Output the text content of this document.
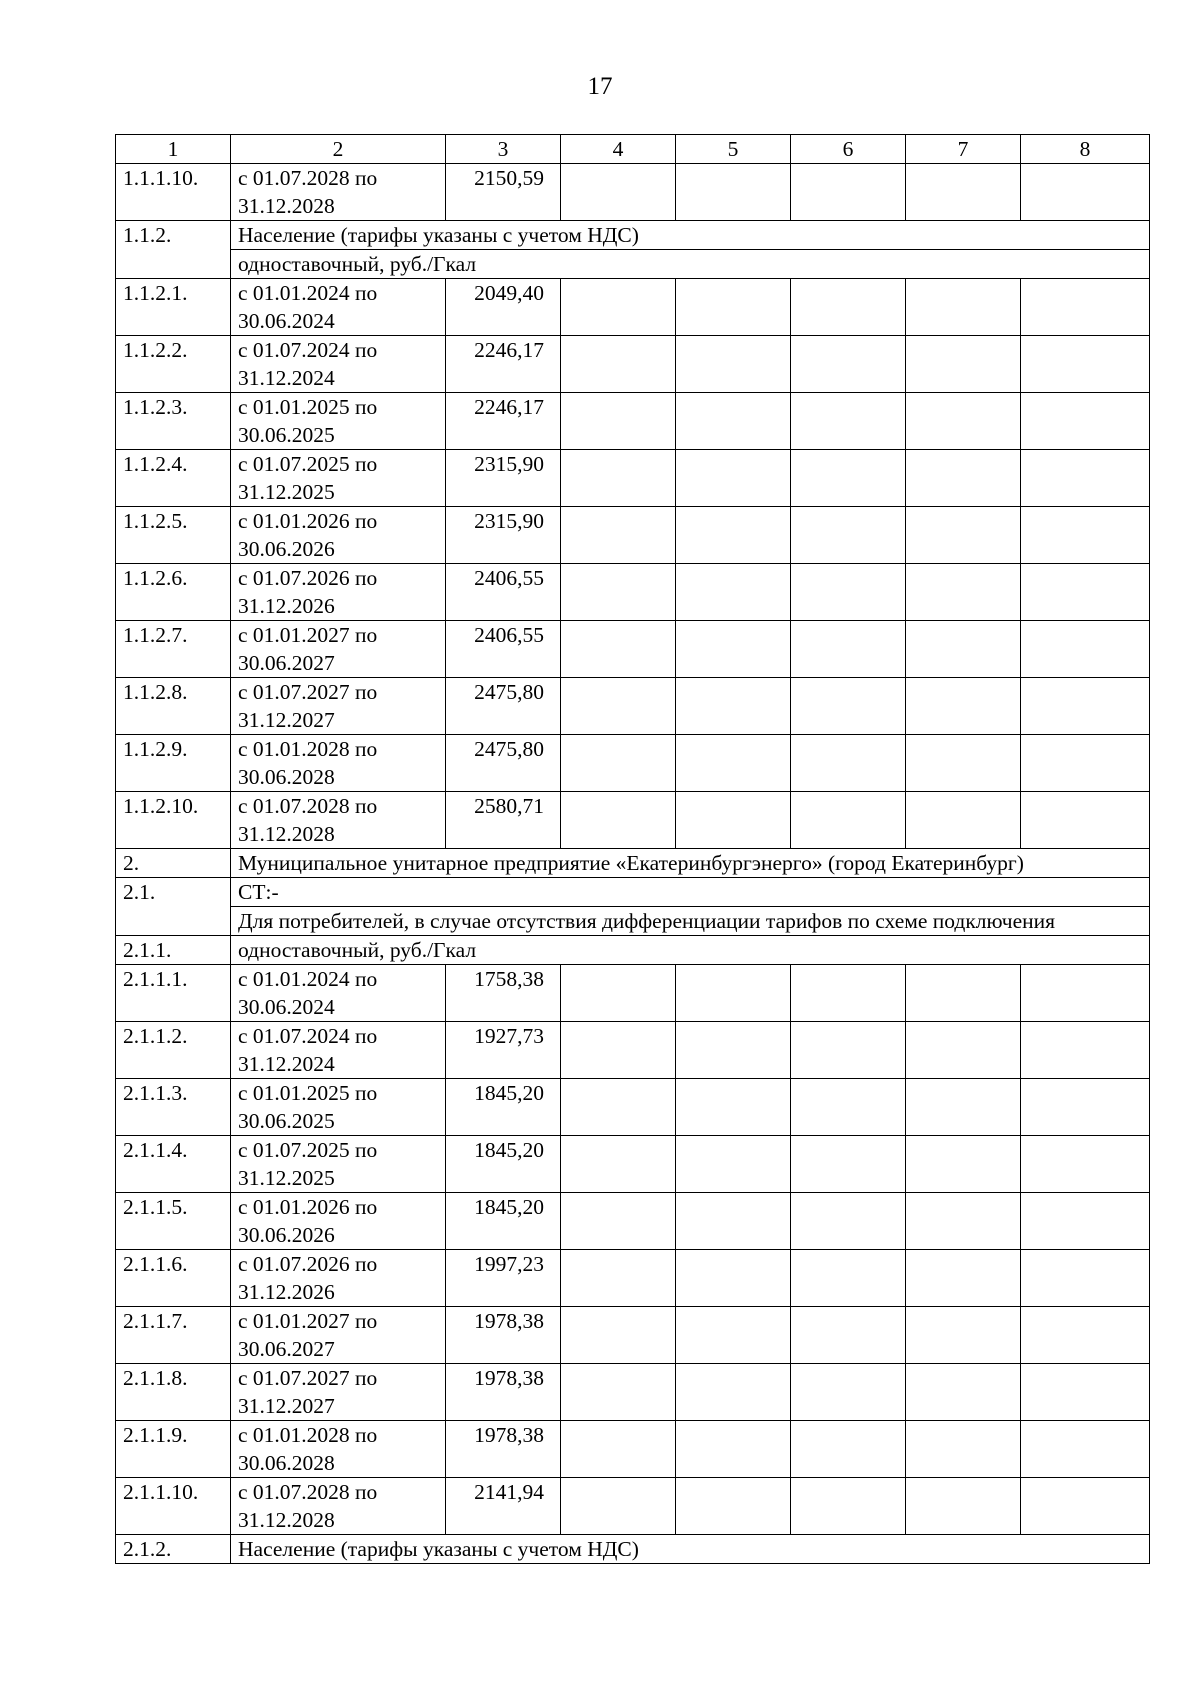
17
1	2	3	4	5	6	7	8
1.1.1.10.	с 01.07.2028 по 31.12.2028	2150,59					
1.1.2.	Население (тарифы указаны с учетом НДС)						
	одноставочный, руб./Гкал						
1.1.2.1.	с 01.01.2024 по 30.06.2024	2049,40					
1.1.2.2.	с 01.07.2024 по 31.12.2024	2246,17					
1.1.2.3.	с 01.01.2025 по 30.06.2025	2246,17					
1.1.2.4.	с 01.07.2025 по 31.12.2025	2315,90					
1.1.2.5.	с 01.01.2026 по 30.06.2026	2315,90					
1.1.2.6.	с 01.07.2026 по 31.12.2026	2406,55					
1.1.2.7.	с 01.01.2027 по 30.06.2027	2406,55					
1.1.2.8.	с 01.07.2027 по 31.12.2027	2475,80					
1.1.2.9.	с 01.01.2028 по 30.06.2028	2475,80					
1.1.2.10.	с 01.07.2028 по 31.12.2028	2580,71					
2.	Муниципальное унитарное предприятие «Екатеринбургэнерго» (город Екатеринбург)						
2.1.	СТ:-						
	Для потребителей, в случае отсутствия дифференциации тарифов по схеме подключения						
2.1.1.	одноставочный, руб./Гкал						
2.1.1.1.	с 01.01.2024 по 30.06.2024	1758,38					
2.1.1.2.	с 01.07.2024 по 31.12.2024	1927,73					
2.1.1.3.	с 01.01.2025 по 30.06.2025	1845,20					
2.1.1.4.	с 01.07.2025 по 31.12.2025	1845,20					
2.1.1.5.	с 01.01.2026 по 30.06.2026	1845,20					
2.1.1.6.	с 01.07.2026 по 31.12.2026	1997,23					
2.1.1.7.	с 01.01.2027 по 30.06.2027	1978,38					
2.1.1.8.	с 01.07.2027 по 31.12.2027	1978,38					
2.1.1.9.	с 01.01.2028 по 30.06.2028	1978,38					
2.1.1.10.	с 01.07.2028 по 31.12.2028	2141,94					
2.1.2.	Население (тарифы указаны с учетом НДС)						
